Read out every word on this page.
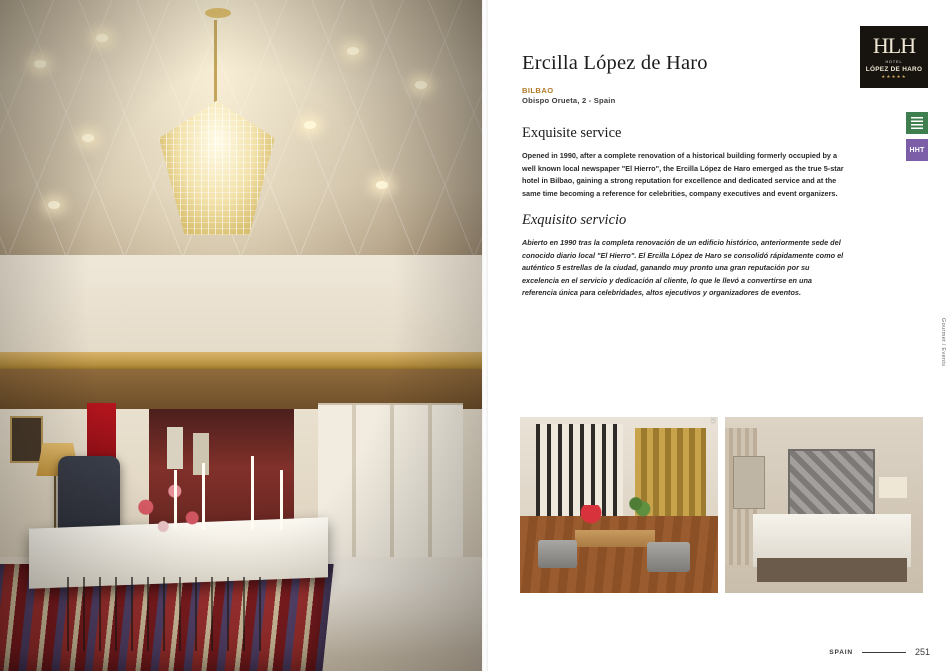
Ercilla López de Haro
BILBAO
Obispo Orueta, 2 - Spain
HLH
HOTEL
LÓPEZ DE HARO
★★★★★
HHT
Exquisite service
Opened in 1990, after a complete renovation of a historical building formerly occupied by a well known local newspaper "El Hierro", the Ercilla López de Haro emerged as the true 5-star hotel in Bilbao, gaining a strong reputation for excellence and dedicated service and at the same time becoming a reference for celebrities, company executives and event organizers.
Exquisito servicio
Abierto en 1990 tras la completa renovación de un edificio histórico, anteriormente sede del conocido diario local "El Hierro". El Ercilla López de Haro se consolidó rápidamente como el auténtico 5 estrellas de la ciudad, ganando muy pronto una gran reputación por su excelencia en el servicio y dedicación al cliente, lo que le llevó a convertirse en una referencia única para celebridades, altos ejecutivos y organizadores de eventos.
Gourmet / Events
2
SPAIN	251
